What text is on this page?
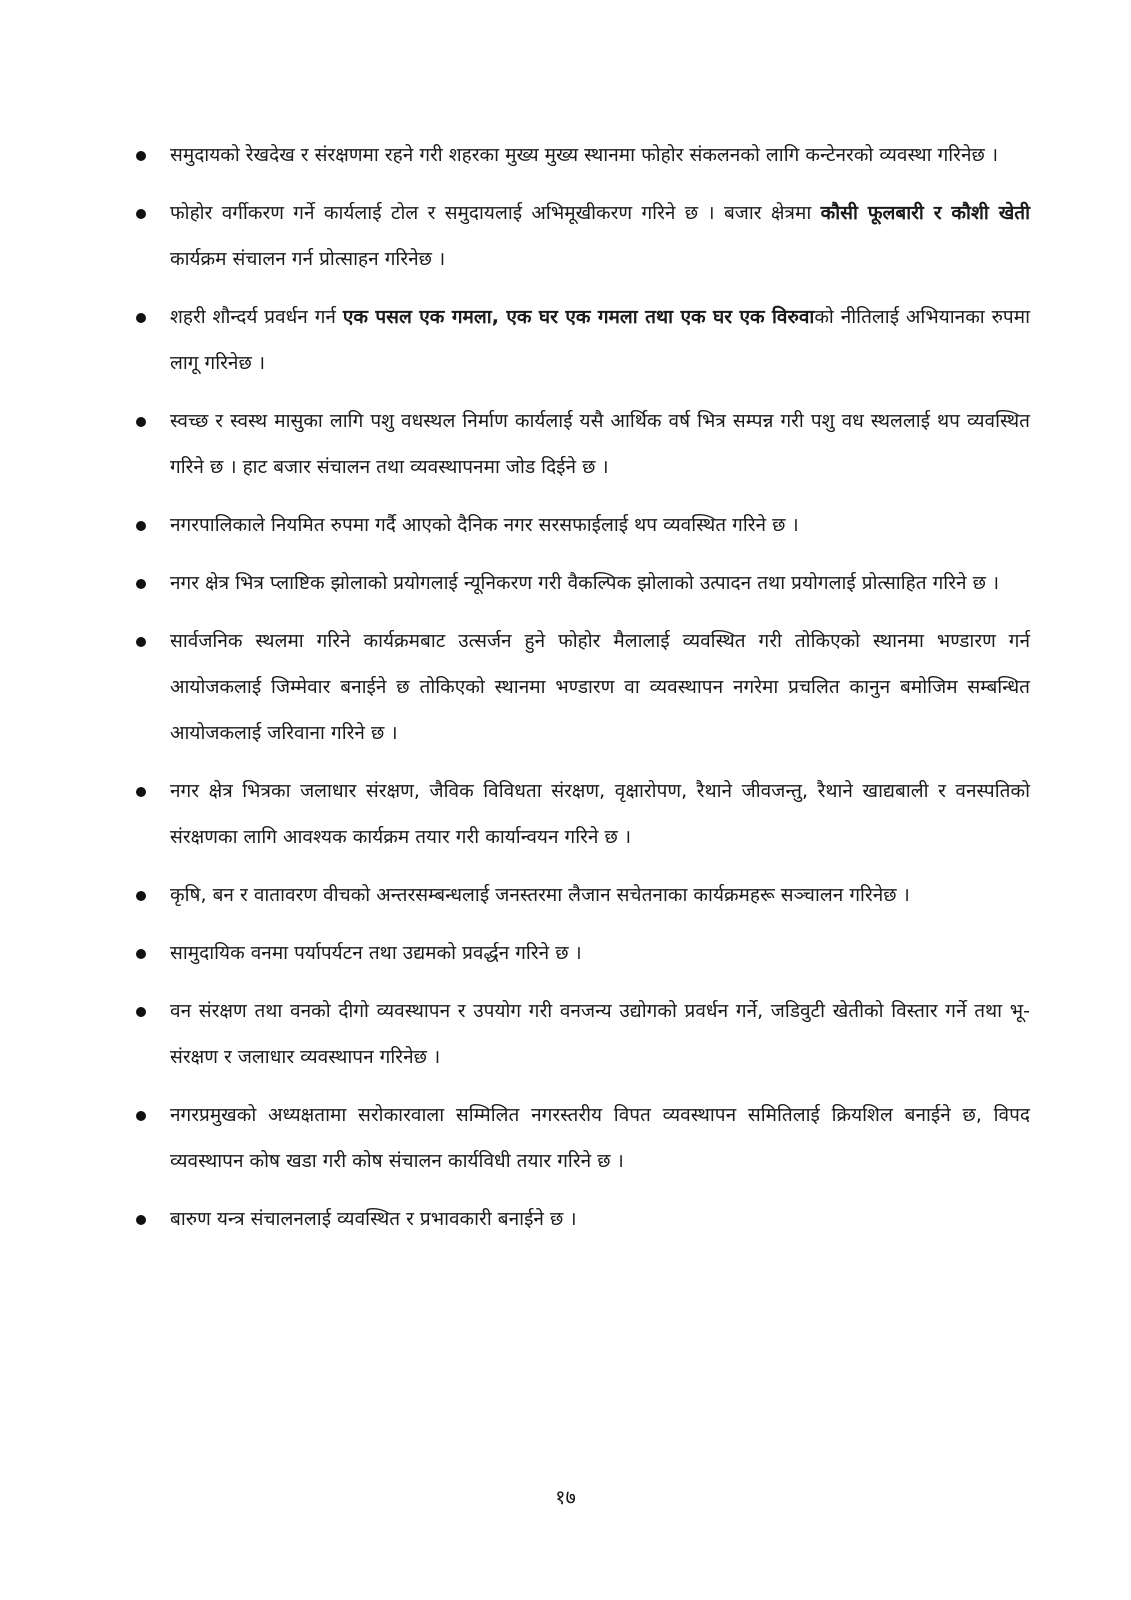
समुदायको रेखदेख र संरक्षणमा रहने गरी शहरका मुख्य मुख्य स्थानमा फोहोर संकलनको लागि कन्टेनरको व्यवस्था गरिनेछ ।
फोहोर वर्गीकरण गर्ने कार्यलाई टोल र समुदायलाई अभिमूखीकरण गरिने छ । बजार क्षेत्रमा कौसी फूलबारी र कौशी खेती कार्यक्रम संचालन गर्न प्रोत्साहन गरिनेछ ।
शहरी शौन्दर्य प्रवर्धन गर्न एक पसल एक गमला, एक घर एक गमला तथा एक घर एक विरुवाको नीतिलाई अभियानका रुपमा लागू गरिनेछ ।
स्वच्छ र स्वस्थ मासुका लागि पशु वधस्थल निर्माण कार्यलाई यसै आर्थिक वर्ष भित्र सम्पन्न गरी पशु वध स्थललाई थप व्यवस्थित गरिने छ । हाट बजार संचालन तथा व्यवस्थापनमा जोड दिईने छ ।
नगरपालिकाले नियमित रुपमा गर्दै आएको दैनिक नगर सरसफाईलाई थप व्यवस्थित गरिने छ ।
नगर क्षेत्र भित्र प्लाष्टिक झोलाको प्रयोगलाई न्यूनिकरण गरी वैकल्पिक झोलाको उत्पादन तथा प्रयोगलाई प्रोत्साहित गरिने छ ।
सार्वजनिक स्थलमा गरिने कार्यक्रमबाट उत्सर्जन हुने फोहोर मैलालाई व्यवस्थित गरी तोकिएको स्थानमा भण्डारण गर्न आयोजकलाई जिम्मेवार बनाईने छ तोकिएको स्थानमा भण्डारण वा व्यवस्थापन नगरेमा प्रचलित कानुन बमोजिम सम्बन्धित आयोजकलाई जरिवाना गरिने छ ।
नगर क्षेत्र भित्रका जलाधार संरक्षण, जैविक विविधता संरक्षण, वृक्षारोपण, रैथाने जीवजन्तु, रैथाने खाद्यबाली र वनस्पतिको संरक्षणका लागि आवश्यक कार्यक्रम तयार गरी कार्यान्वयन गरिने छ ।
कृषि, बन र वातावरण वीचको अन्तरसम्बन्धलाई जनस्तरमा लैजान सचेतनाका कार्यक्रमहरू सञ्चालन गरिनेछ ।
सामुदायिक वनमा पर्यापर्यटन तथा उद्यमको प्रवर्द्धन गरिने छ ।
वन संरक्षण तथा वनको दीगो व्यवस्थापन र उपयोग गरी वनजन्य उद्योगको प्रवर्धन गर्ने, जडिवुटी खेतीको विस्तार गर्ने तथा भू-संरक्षण र जलाधार व्यवस्थापन गरिनेछ ।
नगरप्रमुखको अध्यक्षतामा सरोकारवाला सम्मिलित नगरस्तरीय विपत व्यवस्थापन समितिलाई क्रियशिल बनाईने छ, विपद व्यवस्थापन कोष खडा गरी कोष संचालन कार्यविधी तयार गरिने छ ।
बारुण यन्त्र संचालनलाई व्यवस्थित र प्रभावकारी बनाईने छ ।
१७
